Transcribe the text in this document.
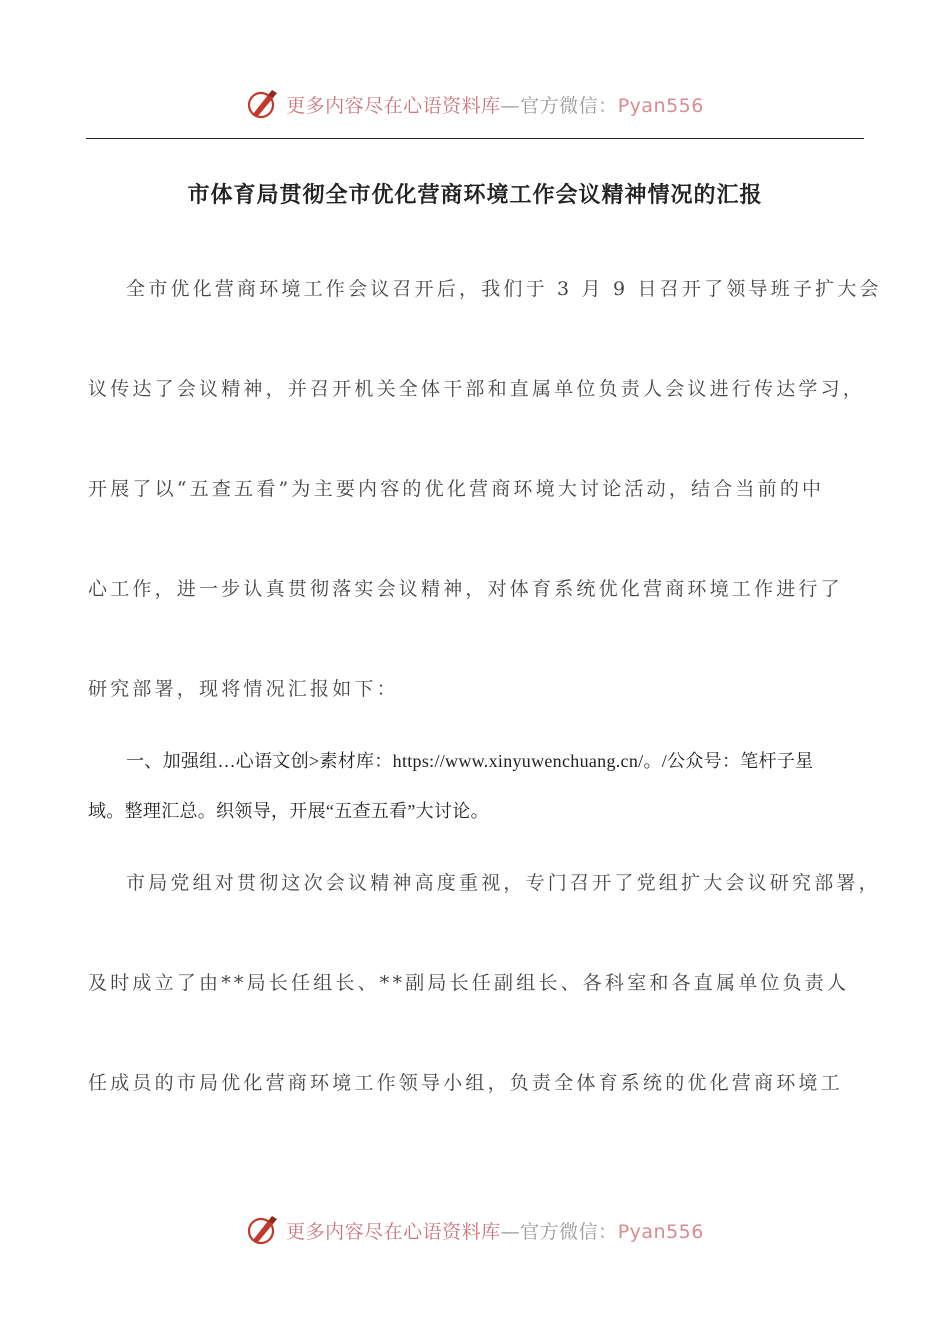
更多内容尽在心语资料库—官方微信：Pyan556
市体育局贯彻全市优化营商环境工作会议精神情况的汇报
全市优化营商环境工作会议召开后，我们于 3 月 9 日召开了领导班子扩大会
议传达了会议精神，并召开机关全体干部和直属单位负责人会议进行传达学习，
开展了以“五查五看”为主要内容的优化营商环境大讨论活动，结合当前的中
心工作，进一步认真贯彻落实会议精神，对体育系统优化营商环境工作进行了
研究部署，现将情况汇报如下：
一、加强组…心语文创>素材库：https://www.xinyuwenchuang.cn/。/公众号：笔杆子星
域。整理汇总。织领导，开展“五查五看”大讨论。
市局党组对贯彻这次会议精神高度重视，专门召开了党组扩大会议研究部署，
及时成立了由**局长任组长、**副局长任副组长、各科室和各直属单位负责人
任成员的市局优化营商环境工作领导小组，负责全体育系统的优化营商环境工
更多内容尽在心语资料库—官方微信：Pyan556
